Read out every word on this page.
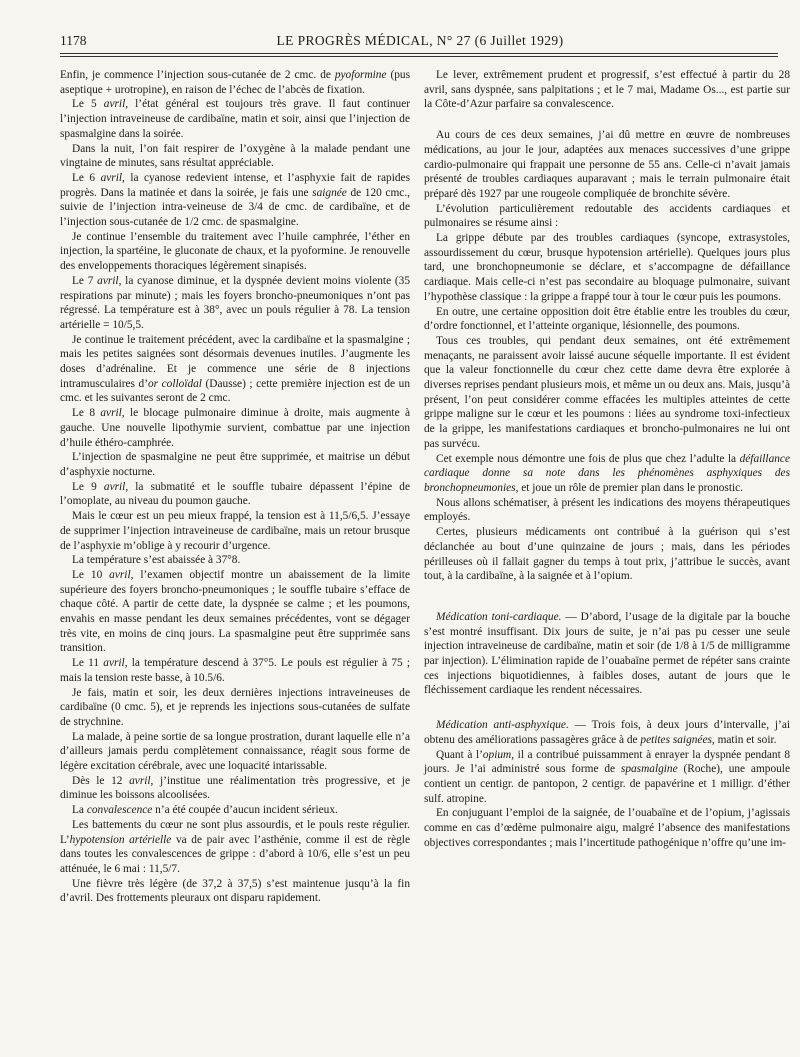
1178	LE PROGRÈS MÉDICAL, N° 27 (6 Juillet 1929)

Enfin, je commence l’injection sous-cutanée de 2 cmc. de pyoformine (pus aseptique + urotropine), en raison de l’échec de l’abcès de fixation.

Le 5 avril, l’état général est toujours très grave. Il faut continuer l’injection intraveineuse de cardibaïne, matin et soir, ainsi que l’injection de spasmalgine dans la soirée.

Dans la nuit, l’on fait respirer de l’oxygène à la malade pendant une vingtaine de minutes, sans résultat appréciable.

Le 6 avril, la cyanose redevient intense, et l’asphyxie fait de rapides progrès. Dans la matinée et dans la soirée, je fais une saignée de 120 cmc., suivie de l’injection intra-veineuse de 3/4 de cmc. de cardibaïne, et de l’injection sous-cutanée de 1/2 cmc. de spasmalgine.

Je continue l’ensemble du traitement avec l’huile camphrée, l’éther en injection, la spartéine, le gluconate de chaux, et la pyoformine. Je renouvelle des enveloppements thoraciques légèrement sinapisés.

Le 7 avril, la cyanose diminue, et la dyspnée devient moins violente (35 respirations par minute) ; mais les foyers broncho-pneumoniques n’ont pas régressé. La température est à 38°, avec un pouls régulier à 78. La tension artérielle = 10/5,5.

Je continue le traitement précédent, avec la cardibaïne et la spasmalgine ; mais les petites saignées sont désormais devenues inutiles. J’augmente les doses d’adrénaline. Et je commence une série de 8 injections intramusculaires d’or colloïdal (Dausse) ; cette première injection est de un cmc. et les suivantes seront de 2 cmc.

Le 8 avril, le blocage pulmonaire diminue à droite, mais augmente à gauche. Une nouvelle lipothymie survient, combattue par une injection d’huile éthéro-camphrée.

L’injection de spasmalgine ne peut être supprimée, et maitrise un début d’asphyxie nocturne.

Le 9 avril, la submatité et le souffle tubaire dépassent l’épine de l’omoplate, au niveau du poumon gauche.

Mais le cœur est un peu mieux frappé, la tension est à 11,5/6,5. J’essaye de supprimer l’injection intraveineuse de cardibaïne, mais un retour brusque de l’asphyxie m’oblige à y recourir d’urgence.

La température s’est abaissée à 37°8.

Le 10 avril, l’examen objectif montre un abaissement de la limite supérieure des foyers broncho-pneumoniques ; le souffle tubaire s’efface de chaque côté. A partir de cette date, la dyspnée se calme ; et les poumons, envahis en masse pendant les deux semaines précédentes, vont se dégager très vite, en moins de cinq jours. La spasmalgine peut être supprimée sans transition.

Le 11 avril, la température descend à 37°5. Le pouls est régulier à 75 ; mais la tension reste basse, à 10.5/6.

Je fais, matin et soir, les deux dernières injections intraveineuses de cardibaïne (0 cmc. 5), et je reprends les injections sous-cutanées de sulfate de strychnine.

La malade, à peine sortie de sa longue prostration, durant laquelle elle n’a d’ailleurs jamais perdu complètement connaissance, réagit sous forme de légère excitation cérébrale, avec une loquacité intarissable.

Dès le 12 avril, j’institue une réalimentation très progressive, et je diminue les boissons alcoolisées.

La convalescence n’a été coupée d’aucun incident sérieux.

Les battements du cœur ne sont plus assourdis, et le pouls reste régulier. L’hypotension artérielle va de pair avec l’asthénie, comme il est de règle dans toutes les convalescences de grippe : d’abord à 10/6, elle s’est un peu atténuée, le 6 mai : 11,5/7.

Une fièvre très légère (de 37,2 à 37,5) s’est maintenue jusqu’à la fin d’avril. Des frottements pleuraux ont disparu rapidement.

Le lever, extrêmement prudent et progressif, s’est effectué à partir du 28 avril, sans dyspnée, sans palpitations ; et le 7 mai, Madame Os..., est partie sur la Côte-d’Azur parfaire sa convalescence.

Au cours de ces deux semaines, j’ai dû mettre en œuvre de nombreuses médications, au jour le jour, adaptées aux menaces successives d’une grippe cardio-pulmonaire qui frappait une personne de 55 ans. Celle-ci n’avait jamais présenté de troubles cardiaques auparavant ; mais le terrain pulmonaire était préparé dès 1927 par une rougeole compliquée de bronchite sévère.

L’évolution particulièrement redoutable des accidents cardiaques et pulmonaires se résume ainsi :

La grippe débute par des troubles cardiaques (syncope, extrasystoles, assourdissement du cœur, brusque hypotension artérielle). Quelques jours plus tard, une bronchopneumonie se déclare, et s’accompagne de défaillance cardiaque. Mais celle-ci n’est pas secondaire au bloquage pulmonaire, suivant l’hypothèse classique : la grippe a frappé tour à tour le cœur puis les poumons.

En outre, une certaine opposition doit être établie entre les troubles du cœur, d’ordre fonctionnel, et l’atteinte organique, lésionnelle, des poumons.

Tous ces troubles, qui pendant deux semaines, ont été extrêmement menaçants, ne paraissent avoir laissé aucune séquelle importante. Il est évident que la valeur fonctionnelle du cœur chez cette dame devra être explorée à diverses reprises pendant plusieurs mois, et même un ou deux ans. Mais, jusqu’à présent, l’on peut considérer comme effacées les multiples atteintes de cette grippe maligne sur le cœur et les poumons : liées au syndrome toxi-infectieux de la grippe, les manifestations cardiaques et broncho-pulmonaires ne lui ont pas survécu.

Cet exemple nous démontre une fois de plus que chez l’adulte la défaillance cardiaque donne sa note dans les phénomènes asphyxiques des bronchopneumonies, et joue un rôle de premier plan dans le pronostic.

Nous allons schématiser, à présent les indications des moyens thérapeutiques employés.

Certes, plusieurs médicaments ont contribué à la guérison qui s’est déclanchée au bout d’une quinzaine de jours ; mais, dans les périodes périlleuses où il fallait gagner du temps à tout prix, j’attribue le succès, avant tout, à la cardibaïne, à la saignée et à l’opium.

Médication toni-cardiaque. — D’abord, l’usage de la digitale par la bouche s’est montré insuffisant. Dix jours de suite, je n’ai pas pu cesser une seule injection intraveineuse de cardibaïne, matin et soir (de 1/8 à 1/5 de milligramme par injection). L’élimination rapide de l’ouabaïne permet de répéter sans crainte ces injections biquotidiennes, à faibles doses, autant de jours que le fléchissement cardiaque les rendent nécessaires.

Médication anti-asphyxique. — Trois fois, à deux jours d’intervalle, j’ai obtenu des améliorations passagères grâce à de petites saignées, matin et soir.

Quant à l’opium, il a contribué puissamment à enrayer la dyspnée pendant 8 jours. Je l’ai administré sous forme de spasmalgine (Roche), une ampoule contient un centigr. de pantopon, 2 centigr. de papavérine et 1 milligr. d’éther sulf. atropine.

En conjuguant l’emploi de la saignée, de l’ouabaïne et de l’opium, j’agissais comme en cas d’œdème pulmonaire aigu, malgré l’absence des manifestations objectives correspondantes ; mais l’incertitude pathogénique n’offre qu’une im-
